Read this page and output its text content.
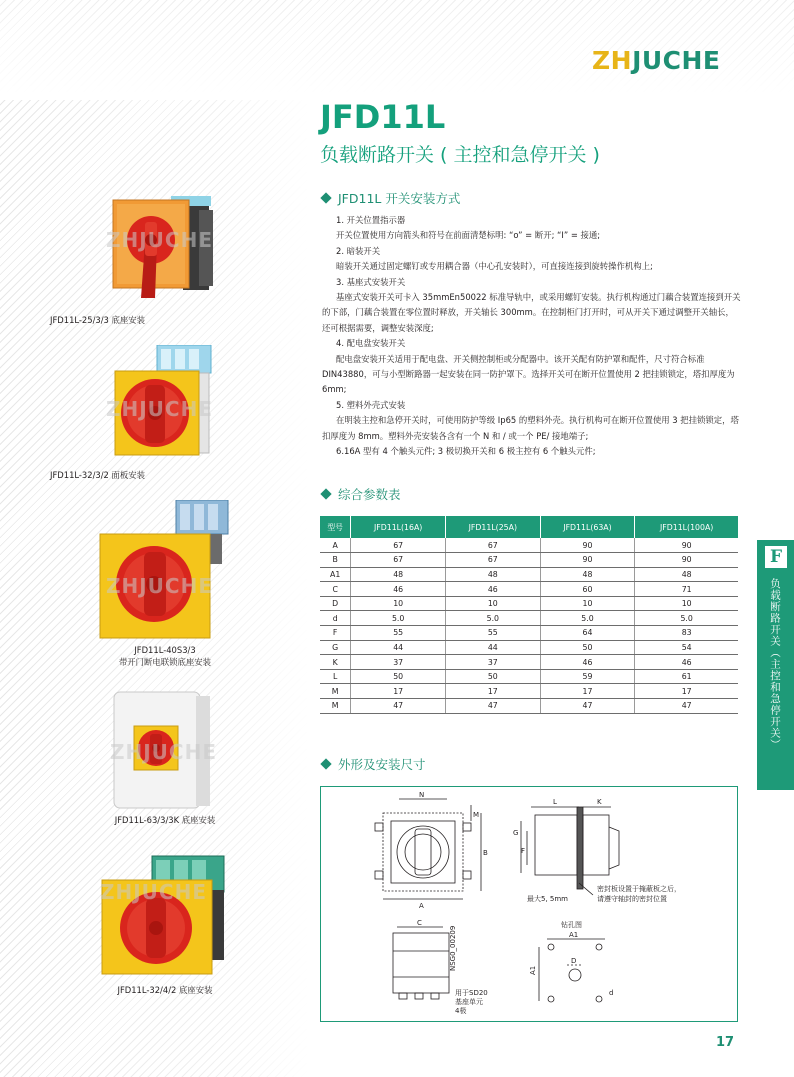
ZHJUCHE
JFD11L
负载断路开关 ( 主控和急停开关 )
JFD11L 开关安装方式

1. 开关位置指示器

开关位置使用方向箭头和符号在前面清楚标明: “o” = 断开; “I” = 接通;

2. 暗装开关

暗装开关通过固定螺钉或专用耦合器（中心孔安装时），可直接连接到旋转操作机构上;

3. 基座式安装开关

基座式安装开关可卡入 35mmEn50022 标准导轨中，或采用螺钉安装。执行机构通过门藕合装置连接到开关的下部，门藕合装置在零位置时释放，开关轴长 300mm。在控制柜门打开时，可从开关下通过调整开关轴长，还可根据需要，调整安装深度;

4. 配电盘安装开关

配电盘安装开关适用于配电盘、开关侧控制柜或分配器中。该开关配有防护罩和配件，尺寸符合标准 DIN43880，可与小型断路器一起安装在同一防护罩下。选择开关可在断开位置使用 2 把挂锁锁定，塔扣厚度为 6mm;

5. 塑料外壳式安装

在明装主控和急停开关时，可使用防护等级 Ip65 的塑料外壳。执行机构可在断开位置使用 3 把挂锁锁定，塔扣厚度为 8mm。塑料外壳安装各含有一个 N 和 / 或一个 PE/ 接地端子;

6.16A 型有 4 个触头元件; 3 极切换开关和 6 极主控有 6 个触头元件;

ZHJUCHE
JFD11L-25/3/3 底座安装
ZHJUCHE
JFD11L-32/3/2 面板安装
ZHJUCHE
JFD11L-40S3/3
带开门断电联锁底座安装
ZHJUCHE
JFD11L-63/3/3K 底座安装
ZHJUCHE
JFD11L-32/4/2 底座安装
综合参数表
型号	JFD11L(16A)	JFD11L(25A)	JFD11L(63A)	JFD11L(100A)
A	67	67	90	90
B	67	67	90	90
A1	48	48	48	48
C	46	46	60	71
D	10	10	10	10
d	5.0	5.0	5.0	5.0
F	55	55	64	83
G	44	44	50	54
K	37	37	46	46
L	50	50	59	61
M	17	17	17	17
M	47	47	47	47
F
负载断路开关（主控和急停开关）
外形及安装尺寸
N
M
B
A
L	K
G
F
最大5, 5mm
密封板设置于掩蔽板之后，
请遵守轴封的密封位置
C
NSG0_00209
用于SD20
基座单元
4极
钻孔图
A1
A1
D
d
17
